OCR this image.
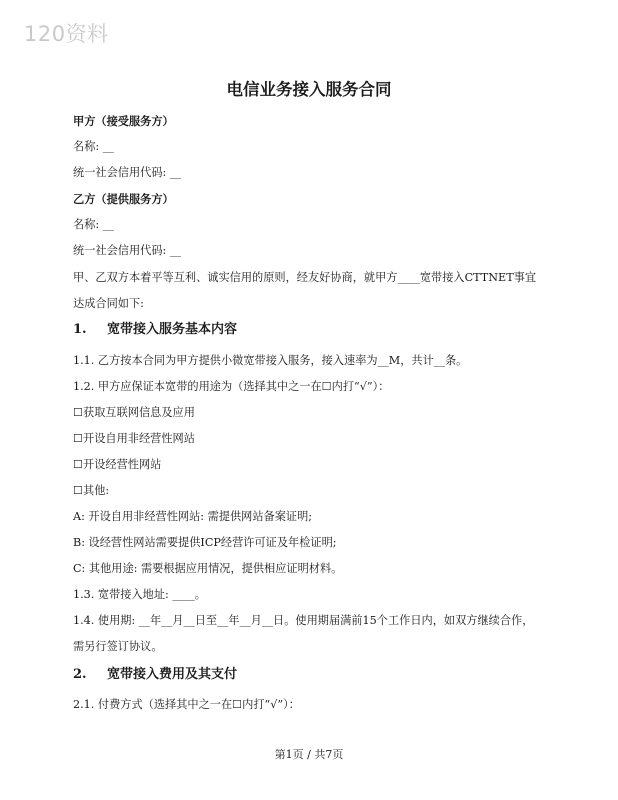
120资料
电信业务接入服务合同
甲方（接受服务方）
名称: __
统一社会信用代码: __
乙方（提供服务方）
名称: __
统一社会信用代码: __
甲、乙双方本着平等互利、诚实信用的原则，经友好协商，就甲方____宽带接入CTTNET事宜达成合同如下:
1. 宽带接入服务基本内容
1.1. 乙方按本合同为甲方提供小微宽带接入服务，接入速率为__M，共计__条。
1.2. 甲方应保证本宽带的用途为（选择其中之一在☐内打“√”）：
☐获取互联网信息及应用
☐开设自用非经营性网站
☐开设经营性网站
☐其他:
A: 开设自用非经营性网站: 需提供网站备案证明;
B: 设经营性网站需要提供ICP经营许可证及年检证明;
C: 其他用途: 需要根据应用情况，提供相应证明材料。
1.3. 宽带接入地址: ____。
1.4. 使用期: __年__月__日至__年__月__日。使用期届满前15个工作日内，如双方继续合作，需另行签订协议。
2. 宽带接入费用及其支付
2.1. 付费方式（选择其中之一在☐内打“√”）：
第1页 / 共7页
